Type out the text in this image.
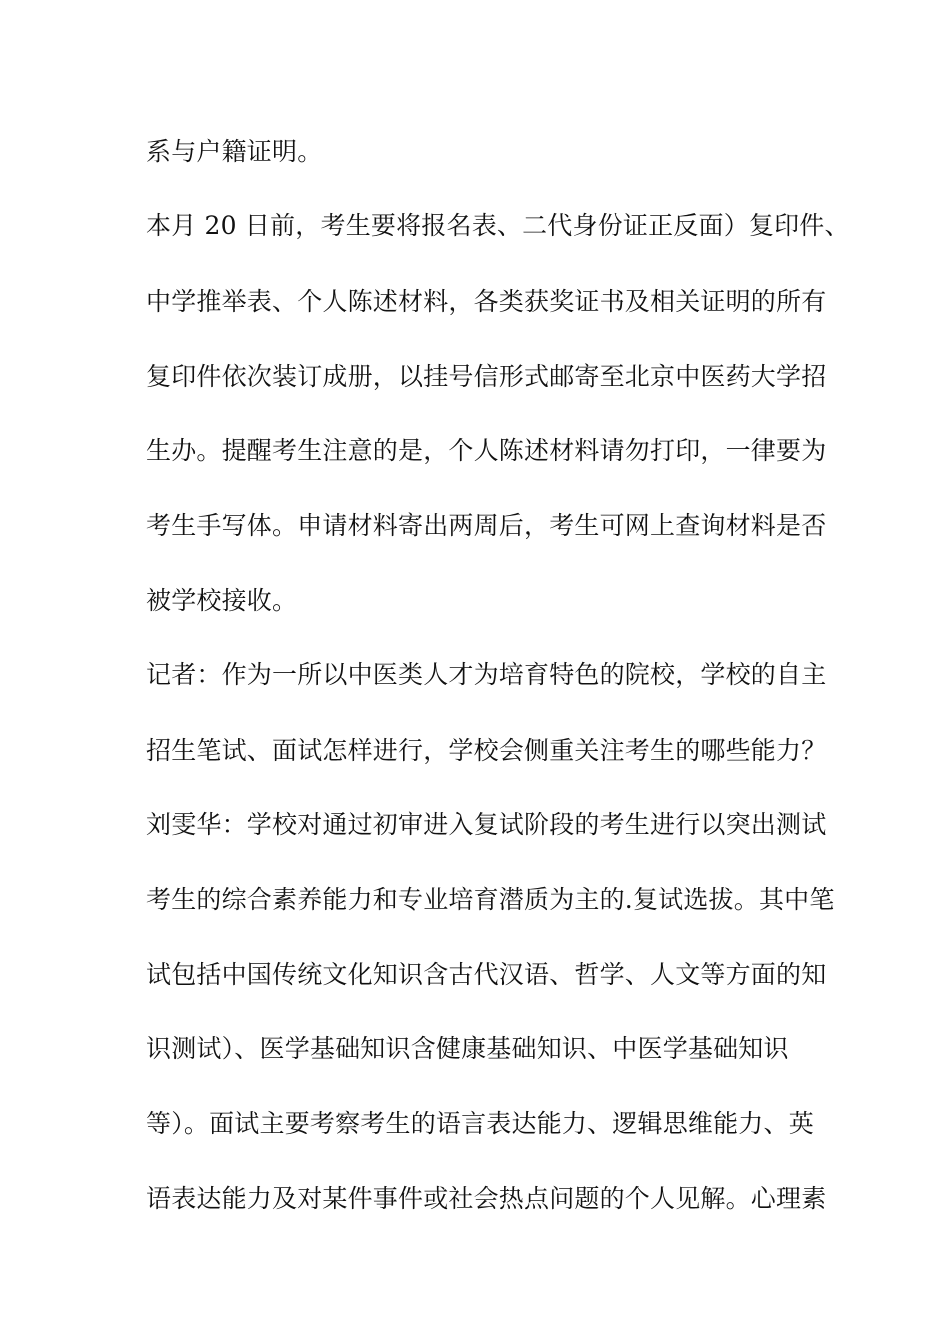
系与户籍证明。
本月 20 日前，考生要将报名表、二代身份证正反面）复印件、
中学推举表、个人陈述材料，各类获奖证书及相关证明的所有
复印件依次装订成册，以挂号信形式邮寄至北京中医药大学招
生办。提醒考生注意的是，个人陈述材料请勿打印，一律要为
考生手写体。申请材料寄出两周后，考生可网上查询材料是否
被学校接收。
记者：作为一所以中医类人才为培育特色的院校，学校的自主
招生笔试、面试怎样进行，学校会侧重关注考生的哪些能力？
刘雯华：学校对通过初审进入复试阶段的考生进行以突出测试
考生的综合素养能力和专业培育潜质为主的.复试选拔。其中笔
试包括中国传统文化知识含古代汉语、哲学、人文等方面的知
识测试）、医学基础知识含健康基础知识、中医学基础知识
等）。面试主要考察考生的语言表达能力、逻辑思维能力、英
语表达能力及对某件事件或社会热点问题的个人见解。心理素
